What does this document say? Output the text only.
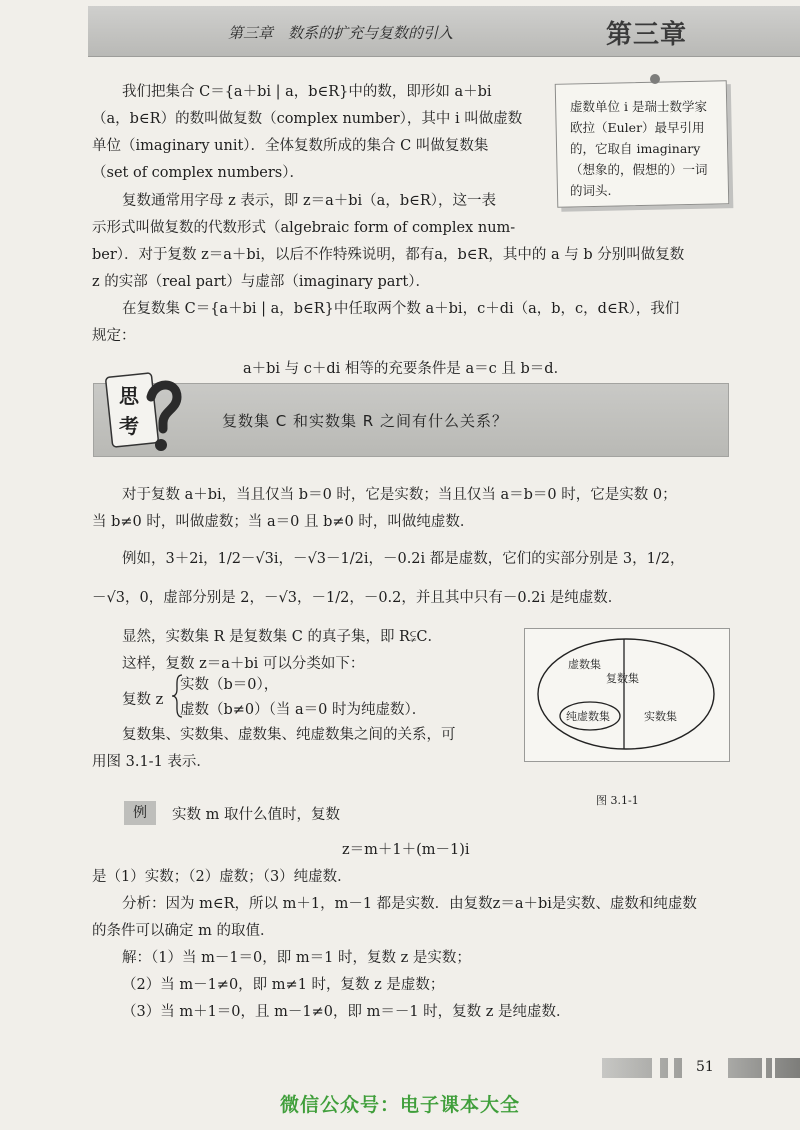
第三章　数系的扩充与复数的引入	第三章
我们把集合 C＝{a＋bi | a，b∈R}中的数，即形如 a＋bi
（a，b∈R）的数叫做复数（complex number），其中 i 叫做虚数
单位（imaginary unit）．全体复数所成的集合 C 叫做复数集
（set of complex numbers）．
虚数单位 i 是瑞士数学家欧拉（Euler）最早引用的，它取自 imaginary（想象的，假想的）一词的词头.
复数通常用字母 z 表示，即 z＝a＋bi（a，b∈R），这一表
示形式叫做复数的代数形式（algebraic form of complex num-
ber）．对于复数 z＝a＋bi，以后不作特殊说明，都有a，b∈R，其中的 a 与 b 分别叫做复数
z 的实部（real part）与虚部（imaginary part）．
在复数集 C＝{a＋bi | a，b∈R}中任取两个数 a＋bi，c＋di（a，b，c，d∈R），我们
规定：
a＋bi 与 c＋di 相等的充要条件是 a＝c 且 b＝d．
思
考	复数集 C 和实数集 R 之间有什么关系？
对于复数 a＋bi，当且仅当 b＝0 时，它是实数；当且仅当 a＝b＝0 时，它是实数 0；
当 b≠0 时，叫做虚数；当 a＝0 且 b≠0 时，叫做纯虚数．
例如，3＋2i，1/2－√3i，－√3－1/2i，－0.2i 都是虚数，它们的实部分别是 3，1/2，
－√3，0，虚部分别是 2，－√3，－1/2，－0.2，并且其中只有－0.2i 是纯虚数．
显然，实数集 R 是复数集 C 的真子集，即 R⫋C．
这样，复数 z＝a＋bi 可以分类如下：
复数 z
实数（b＝0），
虚数（b≠0）（当 a＝0 时为纯虚数）．
复数集、实数集、虚数集、纯虚数集之间的关系，可
用图 3.1-1 表示．
虚数集
复数集
纯虚数集	实数集
图 3.1-1
例	实数 m 取什么值时，复数
z＝m＋1＋(m－1)i
是（1）实数；（2）虚数；（3）纯虚数．
分析：因为 m∈R，所以 m＋1，m－1 都是实数．由复数z＝a＋bi是实数、虚数和纯虚数
的条件可以确定 m 的取值．
解：（1）当 m－1＝0，即 m＝1 时，复数 z 是实数；
（2）当 m－1≠0，即 m≠1 时，复数 z 是虚数；
（3）当 m＋1＝0，且 m－1≠0，即 m＝－1 时，复数 z 是纯虚数．
51
微信公众号：电子课本大全
